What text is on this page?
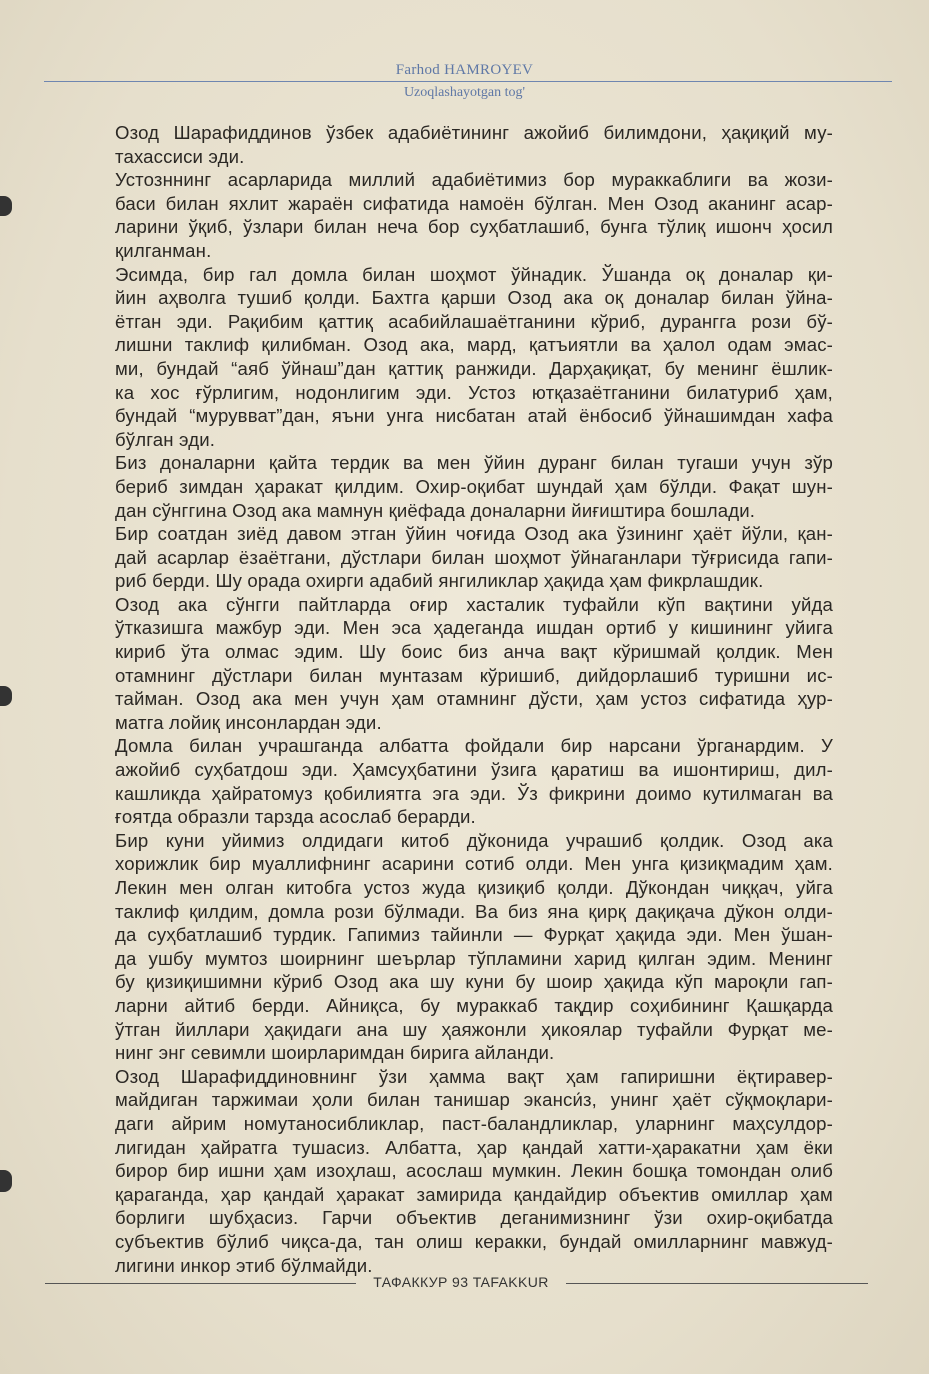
Farhod HAMROYEV
Uzoqlashayotgan tog'
Озод Шарафиддинов ўзбек адабиётининг ажойиб билимдони, ҳақиқий му-
тахассиси эди.
Устозннинг асарларида миллий адабиётимиз бор мураккаблиги ва жози-
баси билан яхлит жараён сифатида намоён бўлган. Мен Озод аканинг асар-
ларини ўқиб, ўзлари билан неча бор суҳбатлашиб, бунга тўлиқ ишонч ҳосил
қилганман.
Эсимда, бир гал домла билан шоҳмот ўйнадик. Ўшанда оқ доналар қи-
йин аҳволга тушиб қолди. Бахтга қарши Озод ака оқ доналар билан ўйна-
ётган эди. Рақибим қаттиқ асабийлашаётганини кўриб, дурангга рози бў-
лишни таклиф қилибман. Озод ака, мард, қатъиятли ва ҳалол одам эмас-
ми, бундай “аяб ўйнаш”дан қаттиқ ранжиди. Дарҳақиқат, бу менинг ёшлик-
ка хос ғўрлигим, нодонлигим эди. Устоз ютқазаётганини билатуриб ҳам,
бундай “мурувват”дан, яъни унга нисбатан атай ёнбосиб ўйнашимдан хафа
бўлган эди.
Биз доналарни қайта тердик ва мен ўйин дуранг билан тугаши учун зўр
бериб зимдан ҳаракат қилдим. Охир-оқибат шундай ҳам бўлди. Фақат шун-
дан сўнггина Озод ака мамнун қиёфада доналарни йиғиштира бошлади.
Бир соатдан зиёд давом этган ўйин чоғида Озод ака ўзининг ҳаёт йўли, қан-
дай асарлар ёзаётгани, дўстлари билан шоҳмот ўйнаганлари тўғрисида гапи-
риб берди. Шу орада охирги адабий янгиликлар ҳақида ҳам фикрлашдик.
Озод ака сўнгги пайтларда оғир хасталик туфайли кўп вақтини уйда
ўтказишга мажбур эди. Мен эса ҳадеганда ишдан ортиб у кишининг уйига
кириб ўта олмас эдим. Шу боис биз анча вақт кўришмай қолдик. Мен
отамнинг дўстлари билан мунтазам кўришиб, дийдорлашиб туришни ис-
тайман. Озод ака мен учун ҳам отамнинг дўсти, ҳам устоз сифатида ҳур-
матга лойиқ инсонлардан эди.
Домла билан учрашганда албатта фойдали бир нарсани ўрганардим. У
ажойиб суҳбатдош эди. Ҳамсуҳбатини ўзига қаратиш ва ишонтириш, дил-
кашликда ҳайратомуз қобилиятга эга эди. Ўз фикрини доимо кутилмаган ва
ғоятда образли тарзда асослаб берарди.
Бир куни уйимиз олдидаги китоб дўконида учрашиб қолдик. Озод ака
хорижлик бир муаллифнинг асарини сотиб олди. Мен унга қизиқмадим ҳам.
Лекин мен олган китобга устоз жуда қизиқиб қолди. Дўкондан чиққач, уйга
таклиф қилдим, домла рози бўлмади. Ва биз яна қирқ дақиқача дўкон олди-
да суҳбатлашиб турдик. Гапимиз тайинли — Фурқат ҳақида эди. Мен ўшан-
да ушбу мумтоз шоирнинг шеърлар тўпламини харид қилган эдим. Менинг
бу қизиқишимни кўриб Озод ака шу куни бу шоир ҳақида кўп мароқли гап-
ларни айтиб берди. Айниқса, бу мураккаб тақдир соҳибининг Қашқарда
ўтган йиллари ҳақидаги ана шу ҳаяжонли ҳикоялар туфайли Фурқат ме-
нинг энг севимли шоирларимдан бирига айланди.
Озод Шарафиддиновнинг ўзи ҳамма вақт ҳам гапиришни ёқтиравер-
майдиган таржимаи ҳоли билан танишар эканси́з, унинг ҳаёт сўқмоқлари-
даги айрим номутаносибликлар, паст-баландликлар, уларнинг маҳсулдор-
лигидан ҳайратга тушасиз. Албатта, ҳар қандай хатти-ҳаракатни ҳам ёки
бирор бир ишни ҳам изоҳлаш, асослаш мумкин. Лекин бошқа томондан олиб
қараганда, ҳар қандай ҳаракат замирида қандайдир объектив омиллар ҳам
борлиги шубҳасиз. Гарчи объектив деганимизнинг ўзи охир-оқибатда
субъектив бўлиб чиқса-да, тан олиш керакки, бундай омилларнинг мавжуд-
лигини инкор этиб бўлмайди.
ТАФАККУР 93 TAFAKKUR
